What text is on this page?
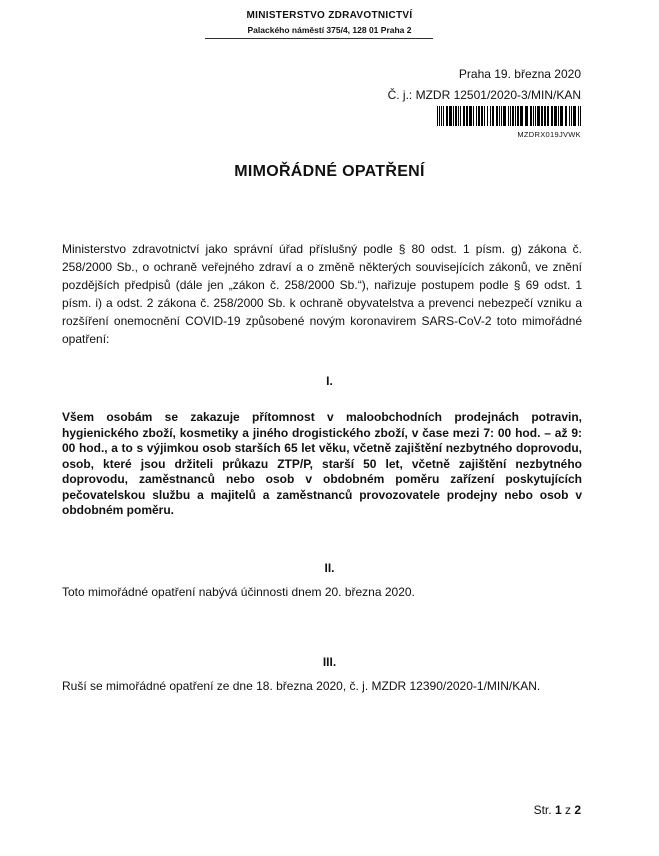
MINISTERSTVO ZDRAVOTNICTVÍ
Palackého náměstí 375/4, 128 01 Praha 2
Praha 19. března 2020
Č. j.: MZDR 12501/2020-3/MIN/KAN
MZDRX019JVWK
MIMOŘÁDNÉ OPATŘENÍ
Ministerstvo zdravotnictví jako správní úřad příslušný podle § 80 odst. 1 písm. g) zákona č. 258/2000 Sb., o ochraně veřejného zdraví a o změně některých souvisejících zákonů, ve znění pozdějších předpisů (dále jen „zákon č. 258/2000 Sb.“), nařizuje postupem podle § 69 odst. 1 písm. i) a odst. 2 zákona č. 258/2000 Sb. k ochraně obyvatelstva a prevenci nebezpečí vzniku a rozšíření onemocnění COVID-19 způsobené novým koronavirem SARS-CoV-2 toto mimořádné opatření:
I.
Všem osobám se zakazuje přítomnost v maloobchodních prodejnách potravin, hygienického zboží, kosmetiky a jiného drogistického zboží, v čase mezi 7: 00 hod. – až 9: 00 hod., a to s výjimkou osob starších 65 let věku, včetně zajištění nezbytného doprovodu, osob, které jsou držiteli průkazu ZTP/P, starší 50 let, včetně zajištění nezbytného doprovodu, zaměstnanců nebo osob v obdobném poměru zařízení poskytujících pečovatelskou službu a majitelů a zaměstnanců provozovatele prodejny nebo osob v obdobném poměru.
II.
Toto mimořádné opatření nabývá účinnosti dnem 20. března 2020.
III.
Ruší se mimořádné opatření ze dne 18. března 2020, č. j. MZDR 12390/2020-1/MIN/KAN.
Str. 1 z 2
